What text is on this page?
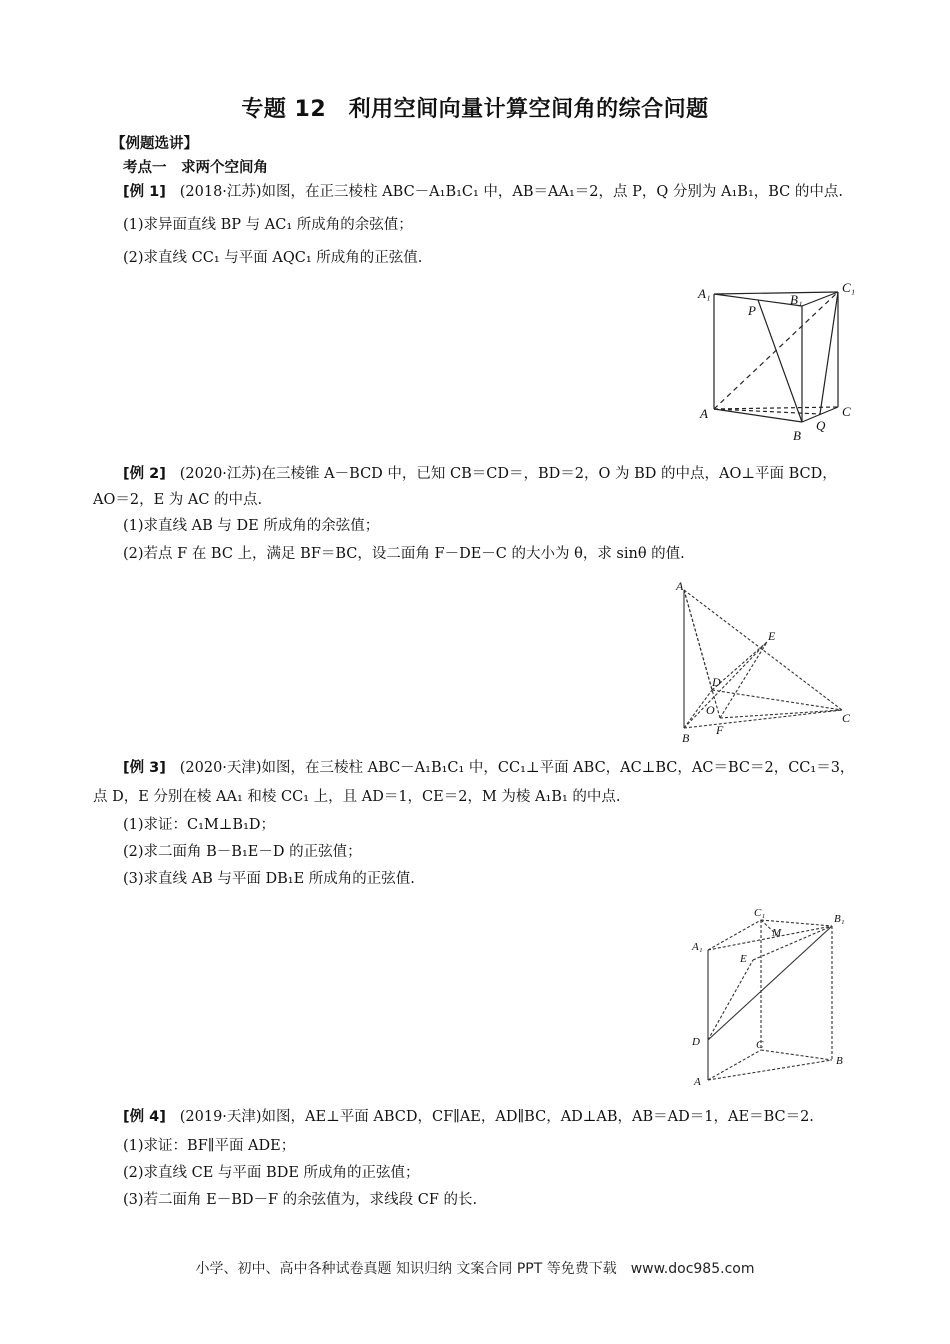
专题 12　利用空间向量计算空间角的综合问题
【例题选讲】
考点一　求两个空间角
[例 1] (2018·江苏)如图，在正三棱柱 ABC－A₁B₁C₁ 中，AB＝AA₁＝2，点 P，Q 分别为 A₁B₁，BC 的中点.
(1)求异面直线 BP 与 AC₁ 所成角的余弦值；
(2)求直线 CC₁ 与平面 AQC₁ 所成角的正弦值.
A₁	B₁
C₁
P
A
B
C
Q
[例 2] (2020·江苏)在三棱锥 A－BCD 中，已知 CB＝CD＝，BD＝2，O 为 BD 的中点，AO⊥平面 BCD，
AO＝2，E 为 AC 的中点.
(1)求直线 AB 与 DE 所成角的余弦值；
(2)若点 F 在 BC 上，满足 BF＝BC，设二面角 F－DE－C 的大小为 θ，求 sinθ 的值.
A
E
D
O
B
F
C
[例 3] (2020·天津)如图，在三棱柱 ABC－A₁B₁C₁ 中，CC₁⊥平面 ABC，AC⊥BC，AC＝BC＝2，CC₁＝3，
点 D，E 分别在棱 AA₁ 和棱 CC₁ 上，且 AD＝1，CE＝2，M 为棱 A₁B₁ 的中点.
(1)求证：C₁M⊥B₁D；
(2)求二面角 B－B₁E－D 的正弦值；
(3)求直线 AB 与平面 DB₁E 所成角的正弦值.
C₁	B₁
A₁
M
E
D	C
B
A
[例 4] (2019·天津)如图，AE⊥平面 ABCD，CF∥AE，AD∥BC，AD⊥AB，AB＝AD＝1，AE＝BC＝2.
(1)求证：BF∥平面 ADE；
(2)求直线 CE 与平面 BDE 所成角的正弦值；
(3)若二面角 E－BD－F 的余弦值为，求线段 CF 的长.
小学、初中、高中各种试卷真题 知识归纳 文案合同 PPT 等免费下载　www.doc985.com
